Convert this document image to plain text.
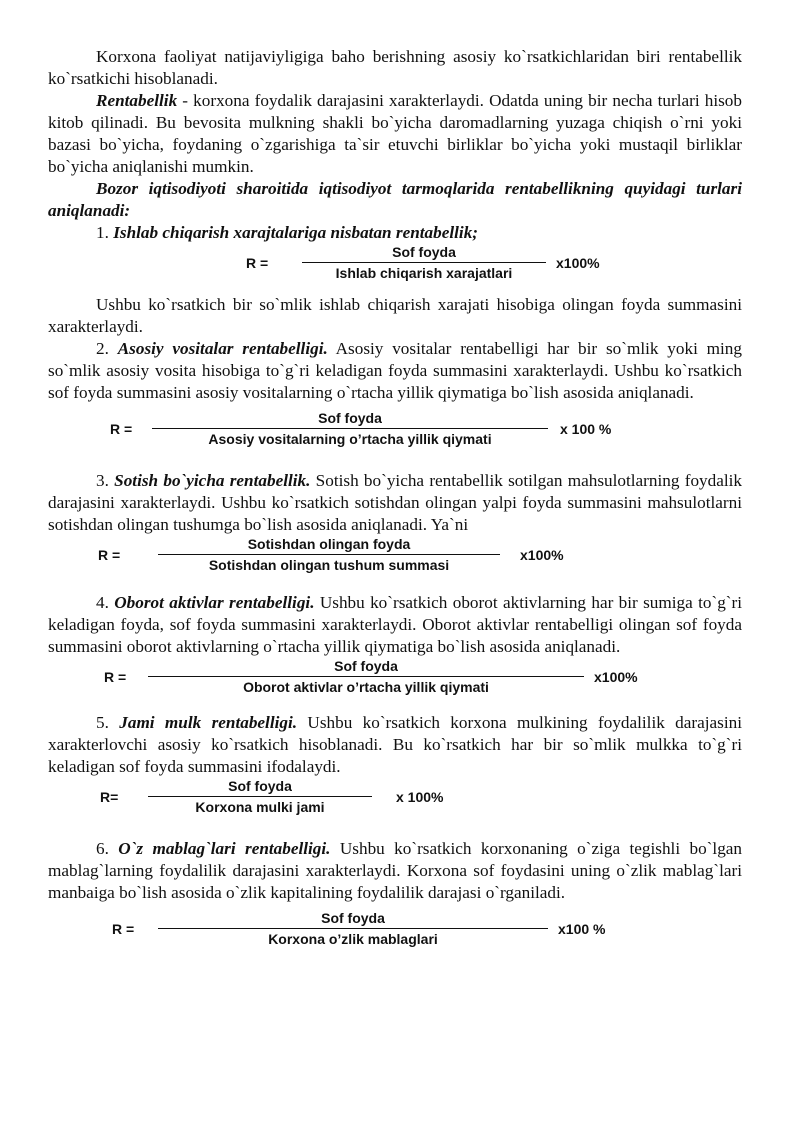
Korxona faoliyat natijaviyligiga baho berishning asosiy ko`rsatkichlaridan biri rentabellik ko`rsatkichi hisoblanadi.

Rentabellik - korxona foydalik darajasini xarakterlaydi. Odatda uning bir necha turlari hisob kitob qilinadi. Bu bevosita mulkning shakli bo`yicha daromadlarning yuzaga chiqish o`rni yoki bazasi bo`yicha, foydaning o`zgarishiga ta`sir etuvchi birliklar bo`yicha yoki mustaqil birliklar bo`yicha aniqlanishi mumkin.

Bozor iqtisodiyoti sharoitida iqtisodiyot tarmoqlarida rentabellikning quyidagi turlari aniqlanadi:

1. Ishlab chiqarish xarajtalariga nisbatan rentabellik;

R =
Sof foyda
Ishlab chiqarish xarajatlari
x100%

Ushbu ko`rsatkich bir so`mlik ishlab chiqarish xarajati hisobiga olingan foyda summasini xarakterlaydi.

2. Asosiy vositalar rentabelligi. Asosiy vositalar rentabelligi har bir so`mlik yoki ming so`mlik asosiy vosita hisobiga to`g`ri keladigan foyda summasini xarakterlaydi. Ushbu ko`rsatkich sof foyda summasini asosiy vositalarning o`rtacha yillik qiymatiga bo`lish asosida aniqlanadi.

R =
Sof foyda
Asosiy vositalarning o’rtacha yillik qiymati
x 100 %

3. Sotish bo`yicha rentabellik. Sotish bo`yicha rentabellik sotilgan mahsulotlarning foydalik darajasini xarakterlaydi. Ushbu ko`rsatkich sotishdan olingan yalpi foyda summasini mahsulotlarni sotishdan olingan tushumga bo`lish asosida aniqlanadi. Ya`ni

R =
Sotishdan olingan foyda
Sotishdan olingan tushum summasi
x100%

4. Oborot aktivlar rentabelligi. Ushbu ko`rsatkich oborot aktivlarning har bir sumiga to`g`ri keladigan foyda, sof foyda summasini xarakterlaydi. Oborot aktivlar rentabelligi olingan sof foyda summasini oborot aktivlarning o`rtacha yillik qiymatiga bo`lish asosida aniqlanadi.

R =
Sof foyda
Oborot aktivlar o’rtacha yillik qiymati
x100%

5. Jami mulk rentabelligi. Ushbu ko`rsatkich korxona mulkining foydalilik darajasini xarakterlovchi asosiy ko`rsatkich hisoblanadi. Bu ko`rsatkich har bir so`mlik mulkka to`g`ri keladigan sof foyda summasini ifodalaydi.

R=
Sof foyda
Korxona mulki jami
x 100%

6. O`z mablag`lari rentabelligi. Ushbu ko`rsatkich korxonaning o`ziga tegishli bo`lgan mablag`larning foydalilik darajasini xarakterlaydi. Korxona sof foydasini uning o`zlik mablag`lari manbaiga bo`lish asosida o`zlik kapitalining foydalilik darajasi o`rganiladi.

R =
Sof foyda
Korxona o’zlik mablaglari
x100 %
